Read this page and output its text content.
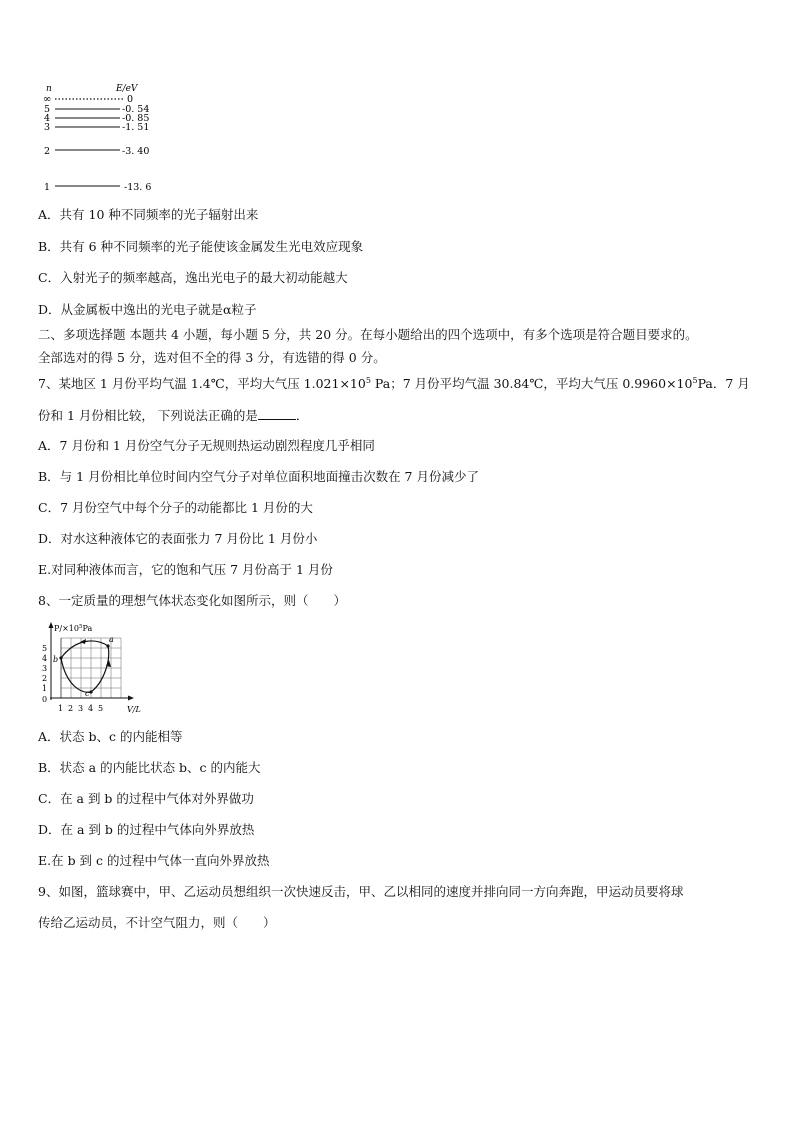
n	E/eV
∞	0
5	-0. 54
4	-0. 85
3	-1. 51
2	-3. 40
1	-13. 6
A．共有 10 种不同频率的光子辐射出来
B．共有 6 种不同频率的光子能使该金属发生光电效应现象
C．入射光子的频率越高，逸出光电子的最大初动能越大
D．从金属板中逸出的光电子就是α粒子
二、多项选择题 本题共 4 小题，每小题 5 分，共 20 分。在每小题给出的四个选项中，有多个选项是符合题目要求的。
全部选对的得 5 分，选对但不全的得 3 分，有选错的得 0 分。
7、某地区 1 月份平均气温 1.4℃，平均大气压 $1.021\times 10^5$ Pa；7 月份平均气温 30.84℃，平均大气压 $0.9960\times 10^5Pa$．7 月
份和 1 月份相比较， 下列说法正确的是	．
A．7 月份和 1 月份空气分子无规则热运动剧烈程度几乎相同
B．与 1 月份相比单位时间内空气分子对单位面积地面撞击次数在 7 月份减少了
C．7 月份空气中每个分子的动能都比 1 月份的大
D．对水这种液体它的表面张力 7 月份比 1 月份小
E.对同种液体而言，它的饱和气压 7 月份高于 1 月份
8、一定质量的理想气体状态变化如图所示，则（　　）
$P/\times 10^5Pa$
V/L
0
1
2
3
4
5
1 2 3 4 5
a
b
c
A．状态 b、c 的内能相等
B．状态 a 的内能比状态 b、c 的内能大
C．在 a 到 b 的过程中气体对外界做功
D．在 a 到 b 的过程中气体向外界放热
E.在 b 到 c 的过程中气体一直向外界放热
9、如图，篮球赛中，甲、乙运动员想组织一次快速反击，甲、乙以相同的速度并排向同一方向奔跑，甲运动员要将球
传给乙运动员，不计空气阻力，则（　　）
